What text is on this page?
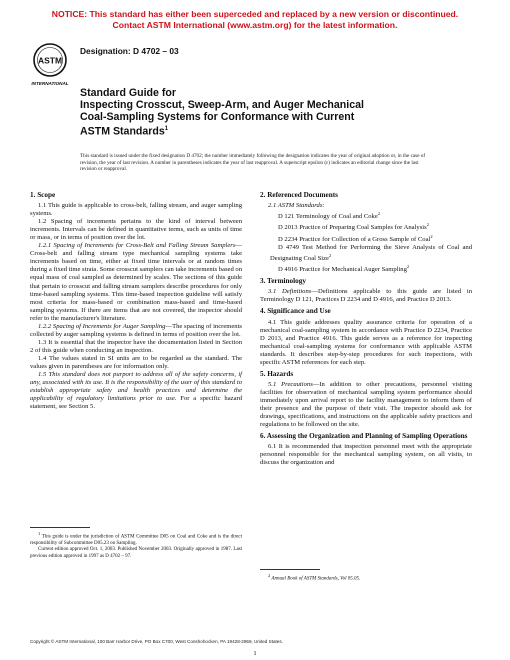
NOTICE: This standard has either been superceded and replaced by a new version or discontinued.
Contact ASTM International (www.astm.org) for the latest information.
ASTM
INTERNATIONAL
Designation: D 4702 – 03
Standard Guide for
Inspecting Crosscut, Sweep-Arm, and Auger Mechanical
Coal-Sampling Systems for Conformance with Current
ASTM Standards$^1$
This standard is issued under the fixed designation D 4702; the number immediately following the designation indicates the year of original adoption or, in the case of revision, the year of last revision. A number in parentheses indicates the year of last reapproval. A superscript epsilon (ε) indicates an editorial change since the last revision or reapproval.
1. Scope

1.1 This guide is applicable to cross-belt, falling stream, and auger sampling systems.

1.2 Spacing of increments pertains to the kind of interval between increments. Intervals can be defined in quantitative terms, such as units of time or mass, or in terms of position over the lot.

1.2.1 Spacing of Increments for Cross-Belt and Falling Stream Samplers—Cross-belt and falling stream type mechanical sampling systems take increments based on time, either at fixed time intervals or at random times during a fixed time strata. Some crosscut samplers can take increments based on equal mass of coal sampled as determined by scales. The sections of this guide that pertain to crosscut and falling stream samplers describe procedures for only time-based sampling systems. This time-based inspection guideline will satisfy most criteria for mass-based or combination mass-based and time-based sampling systems. If there are items that are not covered, the inspector should refer to the manufacturer's literature.

1.2.2 Spacing of Increments for Auger Sampling—The spacing of increments collected by auger sampling systems is defined in terms of position over the lot.

1.3 It is essential that the inspector have the documentation listed in Section 2 of this guide when conducting an inspection.

1.4 The values stated in SI units are to be regarded as the standard. The values given in parentheses are for information only.

1.5 This standard does not purport to address all of the safety concerns, if any, associated with its use. It is the responsibility of the user of this standard to establish appropriate safety and health practices and determine the applicability of regulatory limitations prior to use. For a specific hazard statement, see Section 5.

$^1$ This guide is under the jurisdiction of ASTM Committee D05 on Coal and Coke and is the direct responsibility of Subcommittee D05.23 on Sampling.

Current edition approved Oct. 1, 2003. Published November 2003. Originally approved in 1987. Last previous edition approved in 1997 as D 4702 – 97.

2. Referenced Documents

2.1 ASTM Standards:

D 121 Terminology of Coal and Coke$^2$

D 2013 Practice of Preparing Coal Samples for Analysis$^2$

D 2234 Practice for Collection of a Gross Sample of Coal$^2$

D 4749 Test Method for Performing the Sieve Analysis of Coal and Designating Coal Size$^2$

D 4916 Practice for Mechanical Auger Sampling$^2$

3. Terminology

3.1 Definitions—Definitions applicable to this guide are listed in Terminology D 121, Practices D 2234 and D 4916, and Practice D 2013.

4. Significance and Use

4.1 This guide addresses quality assurance criteria for operation of a mechanical coal-sampling system in accordance with Practice D 2234, Practice D 2013, and Practice 4916. This guide serves as a reference for inspecting mechanical coal-sampling systems for conformance with applicable ASTM standards. It describes step-by-step procedures for such inspections, with specific ASTM references for each step.

5. Hazards

5.1 Precautions—In addition to other precautions, personnel visiting facilities for observation of mechanical sampling system performance should immediately upon arrival report to the facility management to inform them of their presence and the purpose of their visit. The inspector should ask for drawings, specifications, and instructions on the applicable safety practices and regulations to be followed on the site.

6. Assessing the Organization and Planning of Sampling Operations

6.1 It is recommended that inspection personnel meet with the appropriate personnel responsible for the mechanical sampling system, on all visits, to discuss the organization and

$^2$ Annual Book of ASTM Standards, Vol 05.05.

Copyright © ASTM International, 100 Barr Harbor Drive, PO Box C700, West Conshohocken, PA 19428-2959, United States.
1
